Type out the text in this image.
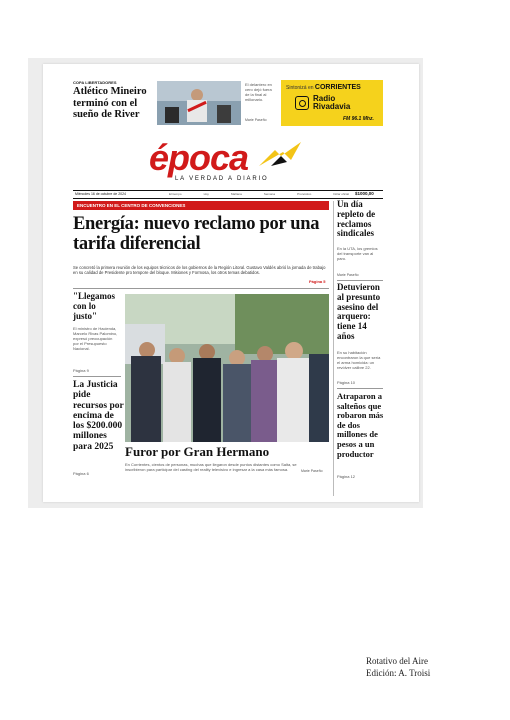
COPA LIBERTADORES
Atlético Mineiro terminó con el sueño de River
El delantero en cero dejó fuera de la final al millonario.
Marie Paseño
Sintonizá en CORRIENTES
Radio
Rivadavia
FM 96.1 Mhz.
época
LA VERDAD A DIARIO
Miércoles 16 de octubre de 2024	El tiempo	Hoy	Mañana	Semana	Pronóstico	Dólar oficial $1000,00
ENCUENTRO EN EL CENTRO DE CONVENCIONES
Energía: nuevo reclamo por una tarifa diferencial
Se concretó la primera reunión de los equipos técnicos de los gobiernos de la Región Litoral. Gustavo Valdés abrió la jornada de trabajo en su calidad de Presidente pro tempore del bloque. Misiones y Formosa, los otros temas debatidos.
Página 5
"Llegamos con lo justo"
El ministro de Hacienda, Marcelo Rivas Palomino, expresó preocupación por el Presupuesto Nacional.
Página 9
La Justicia pide recursos por encima de los $200.000 millones para 2025
Página 6
Furor por Gran Hermano
En Corrientes, cientos de personas, muchas que llegaron desde puntos distantes como Salta, se inscribieron para participar del casting del reality televisivo e ingresar a la casa más famosa.	Marie Paseño
Un día repleto de reclamos sindicales
En la UTA, los gremios del transporte van al paro.
Marie Paseño
Detuvieron al presunto asesino del arquero: tiene 14 años
En su habitación encontraron la que sería el arma homicida: un revólver calibre 22.
Página 10
Atraparon a salteños que robaron más de dos millones de pesos a un productor
Página 12
Rotativo del Aire
Edición: A. Troisi
